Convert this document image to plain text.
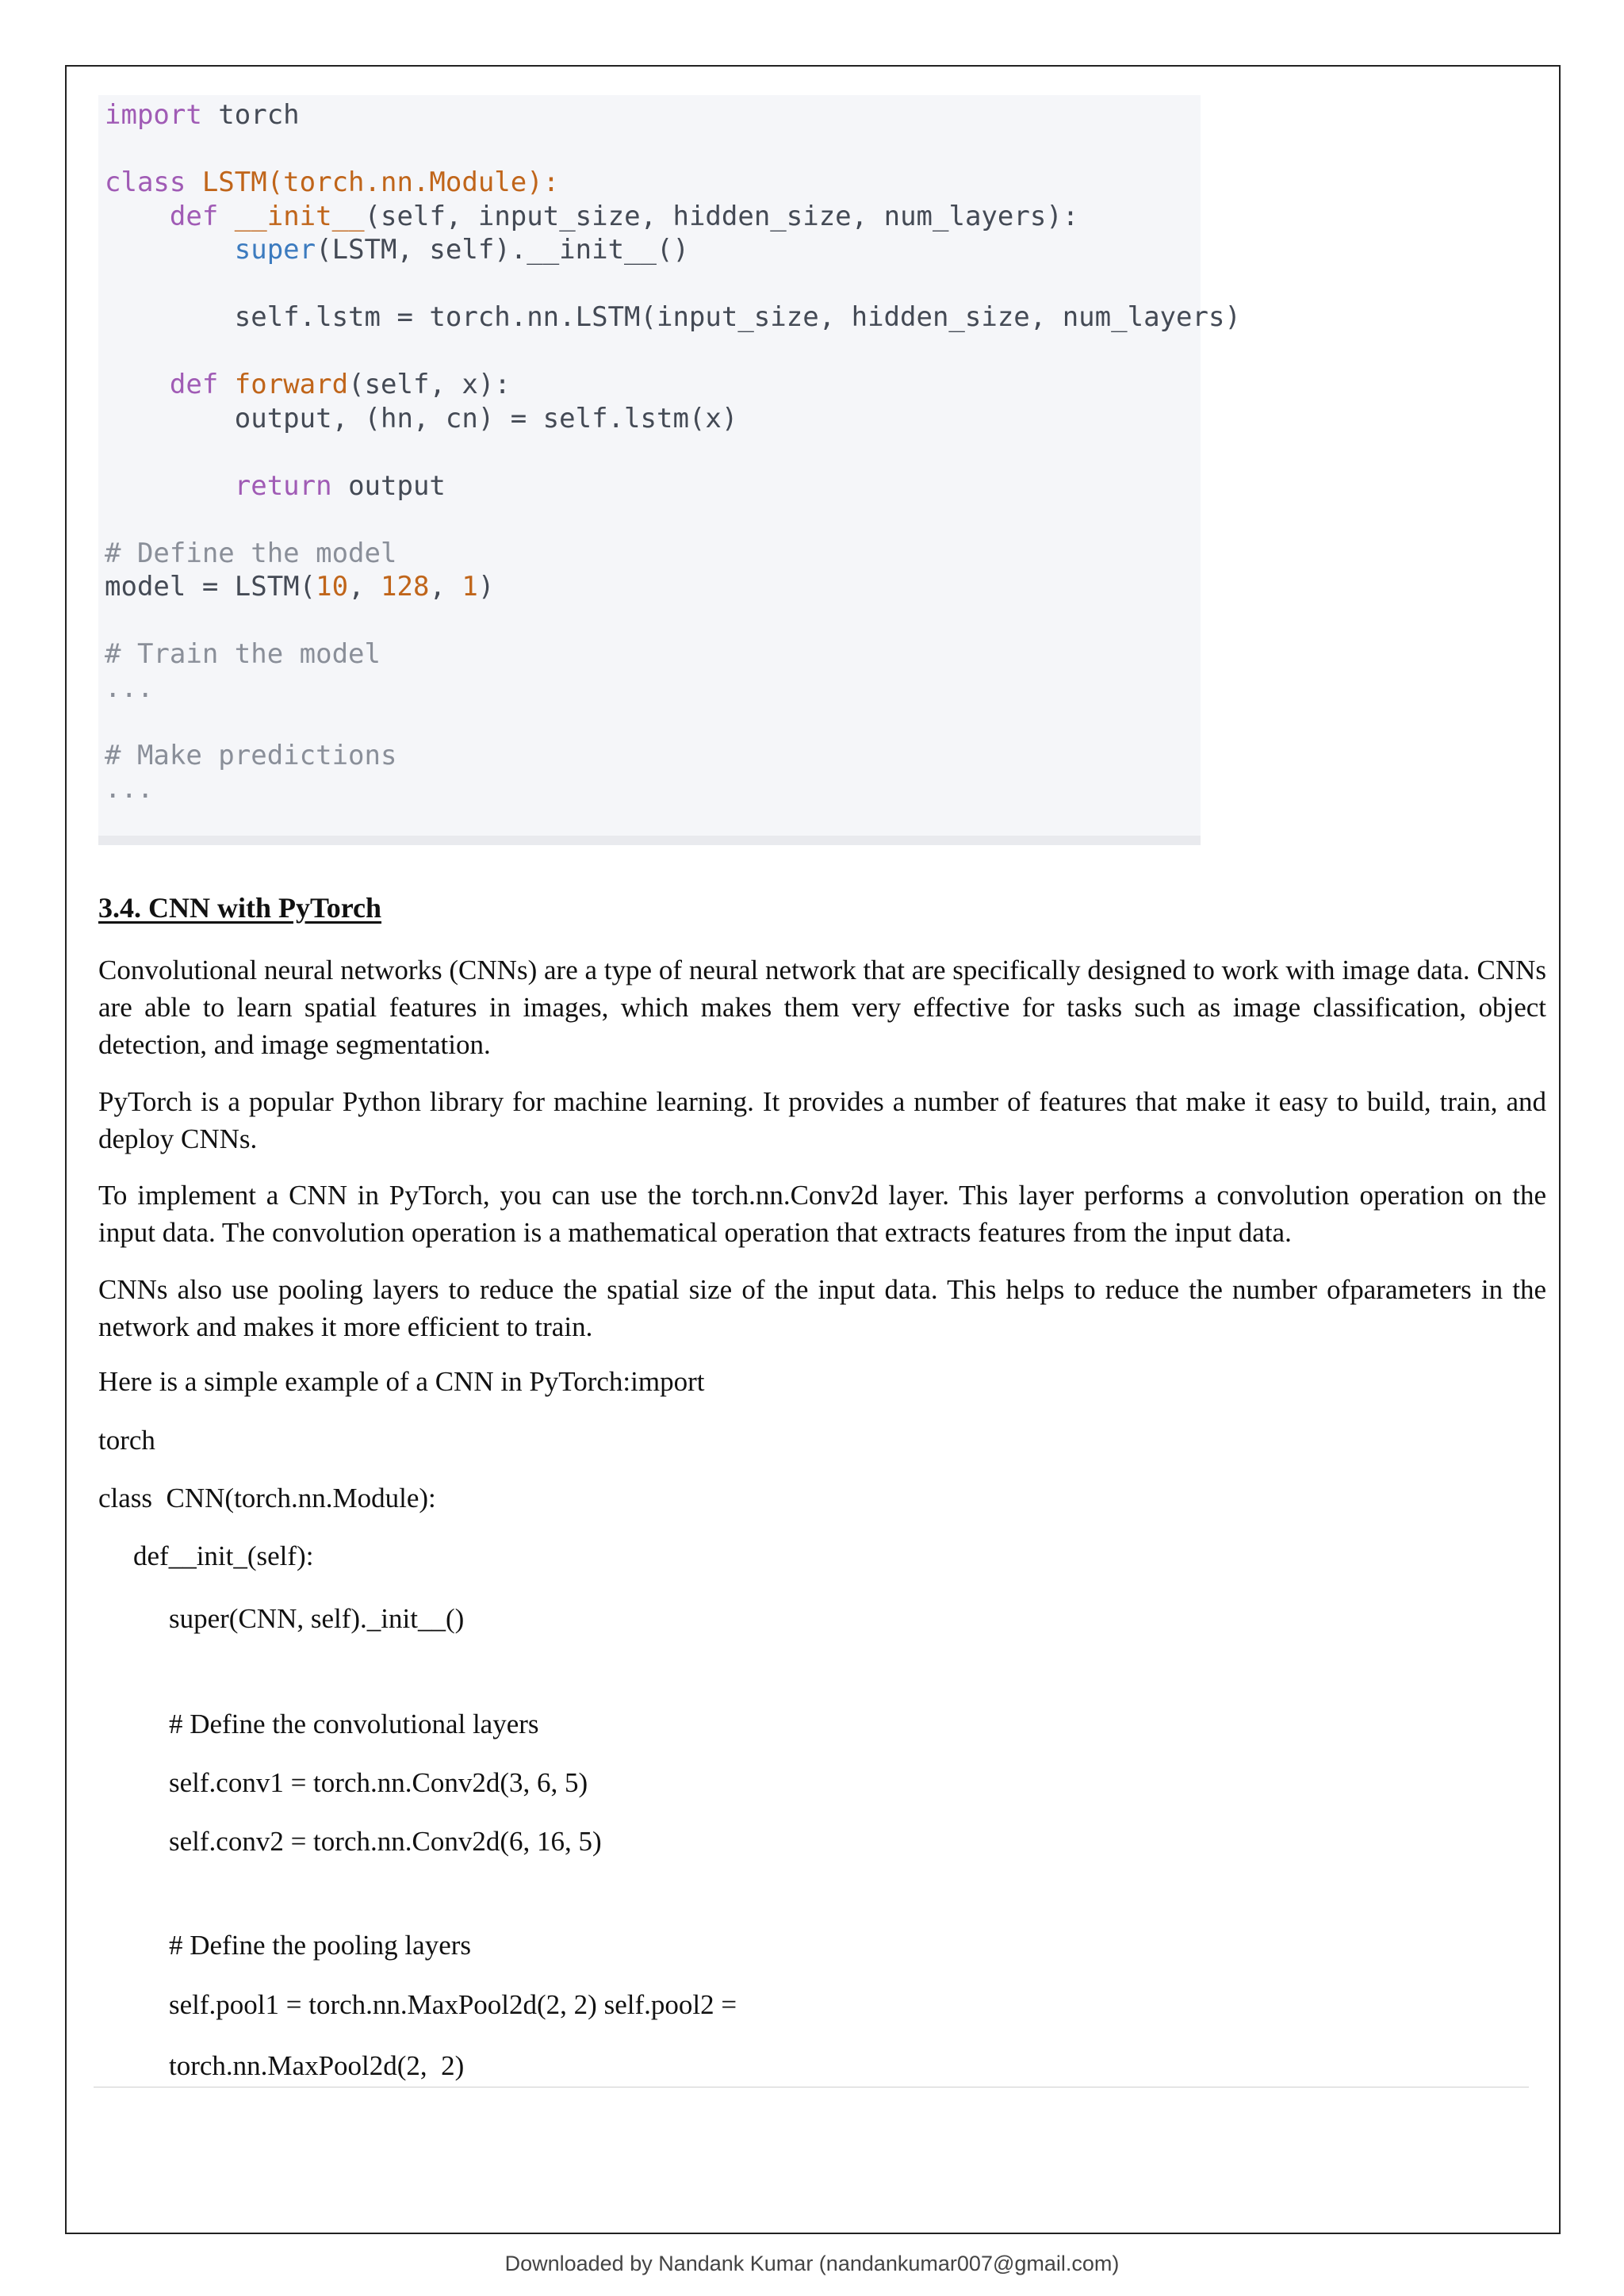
import torch
class LSTM(torch.nn.Module):
def __init__(self, input_size, hidden_size, num_layers):
super(LSTM, self).__init__()
self.lstm = torch.nn.LSTM(input_size, hidden_size, num_layers)
def forward(self, x):
output, (hn, cn) = self.lstm(x)
return output
# Define the model
model = LSTM(10, 128, 1)
# Train the model
...
# Make predictions
...
3.4. CNN with PyTorch

Convolutional neural networks (CNNs) are a type of neural network that are specifically designed to work with image data. CNNs are able to learn spatial features in images, which makes them very effective for tasks such as image classification, object detection, and image segmentation.

PyTorch is a popular Python library for machine learning. It provides a number of features that make it easy to build, train, and deploy CNNs.

To implement a CNN in PyTorch, you can use the torch.nn.Conv2d layer. This layer performs a convolution operation on the input data. The convolution operation is a mathematical operation that extracts features from the input data.

CNNs also use pooling layers to reduce the spatial size of the input data. This helps to reduce the number ofparameters in the network and makes it more efficient to train.

Here is a simple example of a CNN in PyTorch:import

torch

class  CNN(torch.nn.Module):

def__init_(self):

super(CNN, self)._init__()

# Define the convolutional layers

self.conv1 = torch.nn.Conv2d(3, 6, 5)

self.conv2 = torch.nn.Conv2d(6, 16, 5)

# Define the pooling layers

self.pool1 = torch.nn.MaxPool2d(2, 2) self.pool2 =

torch.nn.MaxPool2d(2,  2)

Downloaded by Nandank Kumar (nandankumar007@gmail.com)
